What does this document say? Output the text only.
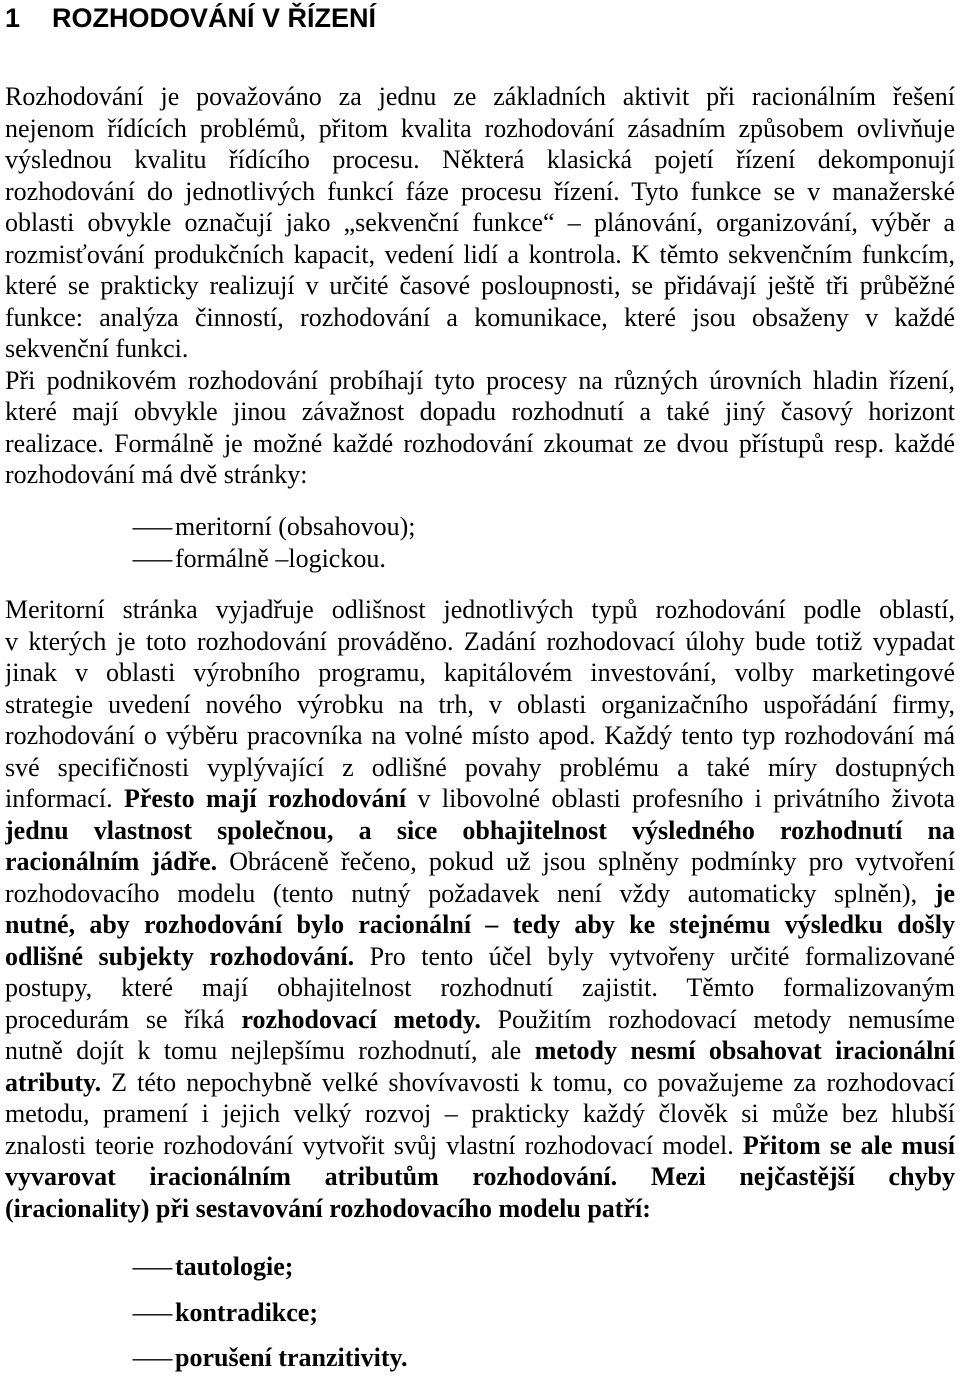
1 ROZHODOVÁNÍ V ŘÍZENÍ
Rozhodování je považováno za jednu ze základních aktivit při racionálním řešení
nejenom řídících problémů, přitom kvalita rozhodování zásadním způsobem ovlivňuje
výslednou kvalitu řídícího procesu. Některá klasická pojetí řízení dekomponují
rozhodování do jednotlivých funkcí fáze procesu řízení. Tyto funkce se v manažerské
oblasti obvykle označují jako „sekvenční funkce“ – plánování, organizování, výběr a
rozmisťování produkčních kapacit, vedení lidí a kontrola. K těmto sekvenčním funkcím,
které se prakticky realizují v určité časové posloupnosti, se přidávají ještě tři průběžné
funkce: analýza činností, rozhodování a komunikace, které jsou obsaženy v každé
sekvenční funkci.
Při podnikovém rozhodování probíhají tyto procesy na různých úrovních hladin řízení,
které mají obvykle jinou závažnost dopadu rozhodnutí a také jiný časový horizont
realizace. Formálně je možné každé rozhodování zkoumat ze dvou přístupů resp. každé
rozhodování má dvě stránky:
– meritorní (obsahovou);
– formálně –logickou.
Meritorní stránka vyjadřuje odlišnost jednotlivých typů rozhodování podle oblastí,
v kterých je toto rozhodování prováděno. Zadání rozhodovací úlohy bude totiž vypadat
jinak v oblasti výrobního programu, kapitálovém investování, volby marketingové
strategie uvedení nového výrobku na trh, v oblasti organizačního uspořádání firmy,
rozhodování o výběru pracovníka na volné místo apod. Každý tento typ rozhodování má
své specifičnosti vyplývající z odlišné povahy problému a také míry dostupných
informací. Přesto mají rozhodování v libovolné oblasti profesního i privátního života
jednu vlastnost společnou, a sice obhajitelnost výsledného rozhodnutí na
racionálním jádře. Obráceně řečeno, pokud už jsou splněny podmínky pro vytvoření
rozhodovacího modelu (tento nutný požadavek není vždy automaticky splněn), je
nutné, aby rozhodování bylo racionální – tedy aby ke stejnému výsledku došly
odlišné subjekty rozhodování. Pro tento účel byly vytvořeny určité formalizované
postupy, které mají obhajitelnost rozhodnutí zajistit. Těmto formalizovaným
procedurám se říká rozhodovací metody. Použitím rozhodovací metody nemusíme
nutně dojít k tomu nejlepšímu rozhodnutí, ale metody nesmí obsahovat iracionální
atributy. Z této nepochybně velké shovívavosti k tomu, co považujeme za rozhodovací
metodu, pramení i jejich velký rozvoj – prakticky každý člověk si může bez hlubší
znalosti teorie rozhodování vytvořit svůj vlastní rozhodovací model. Přitom se ale musí
vyvarovat iracionálním atributům rozhodování. Mezi nejčastější chyby
(iracionality) při sestavování rozhodovacího modelu patří:
– tautologie;
– kontradikce;
– porušení tranzitivity.
